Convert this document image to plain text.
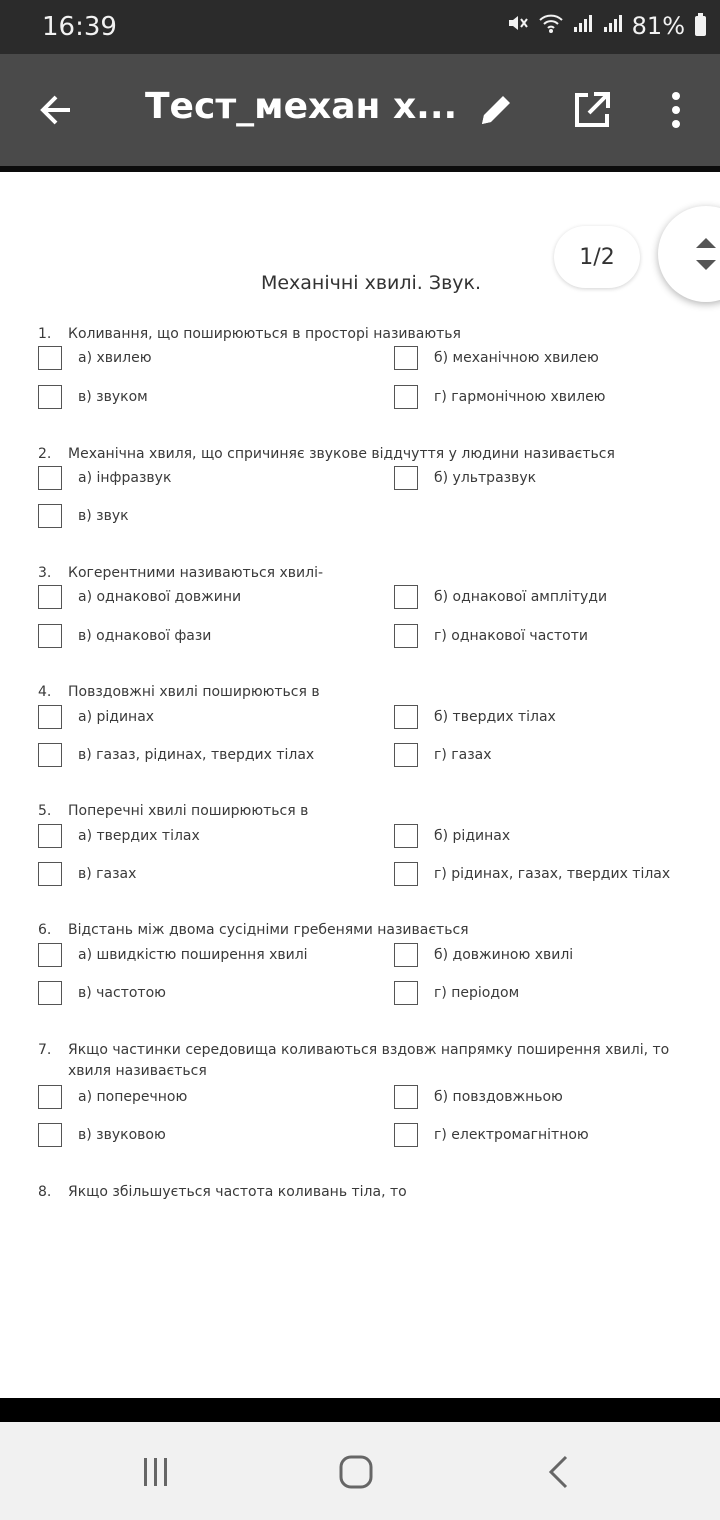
16:39	81%
Тест_механ х...
1/2
Механічні хвилі. Звук.
1. Коливання, що поширюються в просторі називаютья
а) хвилею	б) механічною хвилею
в) звуком	г) гармонічною хвилею
2. Механічна хвиля, що спричиняє звукове віддчуття у людини називається
а) інфразвук	б) ультразвук
в) звук
3. Когерентними називаються хвилі-
а) однакової довжини	б) однакової амплітуди
в) однакової фази	г) однакової частоти
4. Повздовжні хвилі поширюються в
а) рідинах	б) твердих тілах
в) газаз, рідинах, твердих тілах	г) газах
5. Поперечні хвилі поширюються в
а) твердих тілах	б) рідинах
в) газах	г) рідинах, газах, твердих тілах
6. Відстань між двома сусідніми гребенями називається
а) швидкістю поширення хвилі	б) довжиною хвилі
в) частотою	г) періодом
7. Якщо частинки середовища коливаються вздовж напрямку поширення хвилі, то хвиля називається
а) поперечною	б) повздовжньою
в) звуковою	г) електромагнітною
8. Якщо збільшується частота коливань тіла, то
